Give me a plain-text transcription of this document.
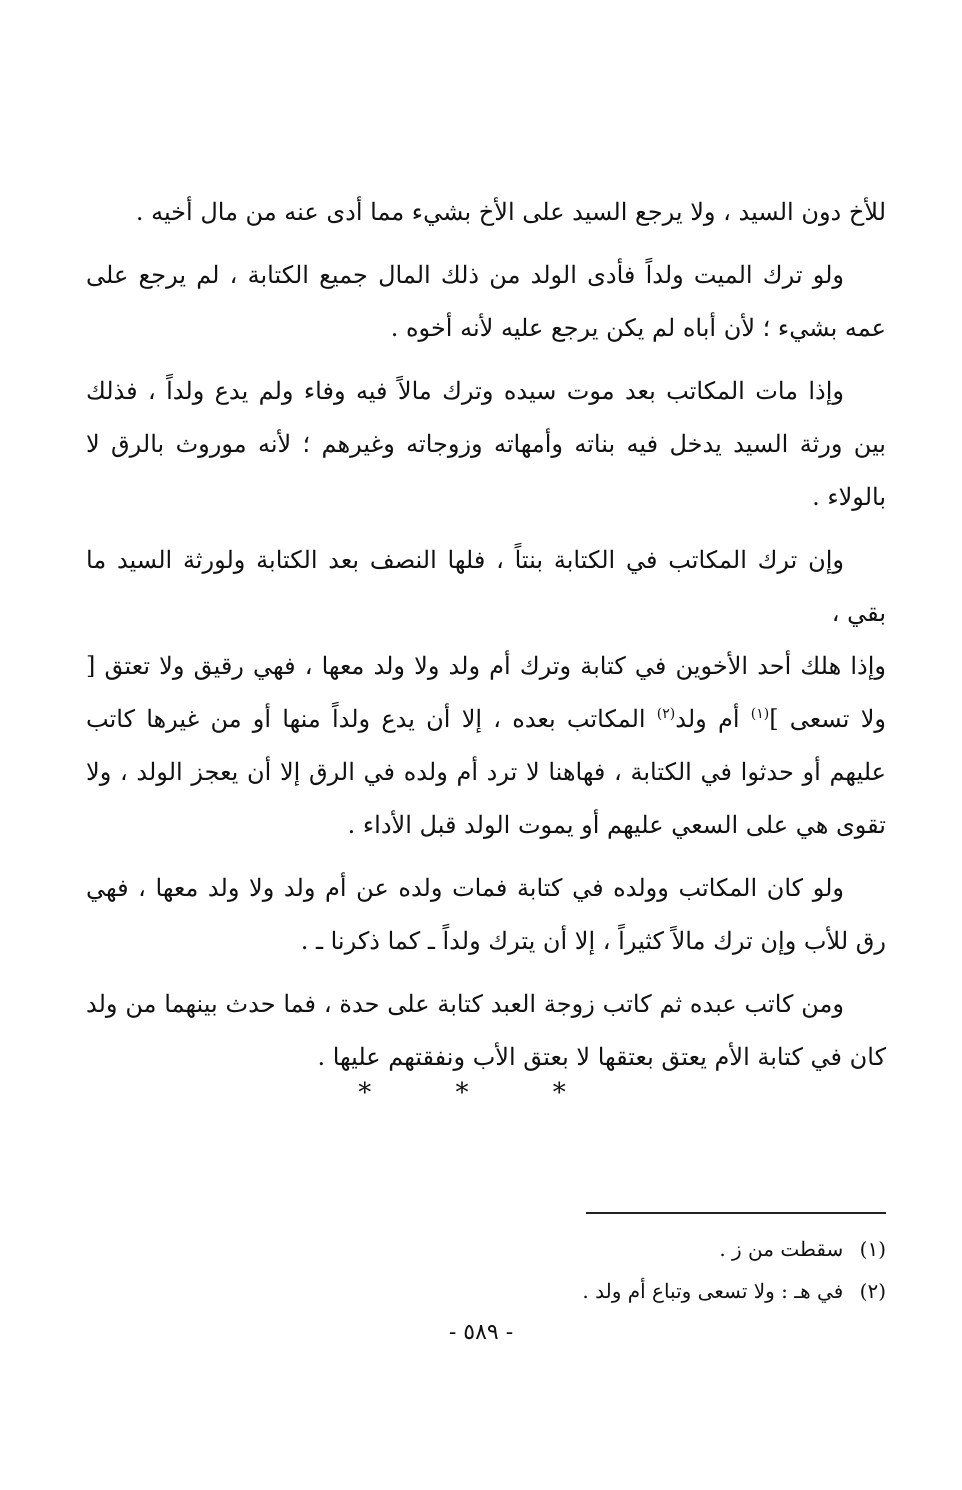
للأخ دون السيد ، ولا يرجع السيد على الأخ بشيء مما أدى عنه من مال أخيه .

ولو ترك الميت ولداً فأدى الولد من ذلك المال جميع الكتابة ، لم يرجع على عمه بشيء ؛ لأن أباه لم يكن يرجع عليه لأنه أخوه .

وإذا مات المكاتب بعد موت سيده وترك مالاً فيه وفاء ولم يدع ولداً ، فذلك بين ورثة السيد يدخل فيه بناته وأمهاته وزوجاته وغيرهم ؛ لأنه موروث بالرق لا بالولاء .

وإن ترك المكاتب في الكتابة بنتاً ، فلها النصف بعد الكتابة ولورثة السيد ما بقي ،

وإذا هلك أحد الأخوين في كتابة وترك أم ولد ولا ولد معها ، فهي رقيق ولا تعتق [ ولا تسعى ]$^{(١)}$ أم ولد$^{(٢)}$ المكاتب بعده ، إلا أن يدع ولداً منها أو من غيرها كاتب عليهم أو حدثوا في الكتابة ، فهاهنا لا ترد أم ولده في الرق إلا أن يعجز الولد ، ولا تقوى هي على السعي عليهم أو يموت الولد قبل الأداء .

ولو كان المكاتب وولده في كتابة فمات ولده عن أم ولد ولا ولد معها ، فهي رق للأب وإن ترك مالاً كثيراً ، إلا أن يترك ولداً ـ كما ذكرنا ـ .

ومن كاتب عبده ثم كاتب زوجة العبد كتابة على حدة ، فما حدث بينهما من ولد كان في كتابة الأم يعتق بعتقها لا بعتق الأب ونفقتهم عليها .

* * *

(١) سقطت من ز .

(٢) في هـ : ولا تسعى وتباع أم ولد .

- ٥٨٩ -
